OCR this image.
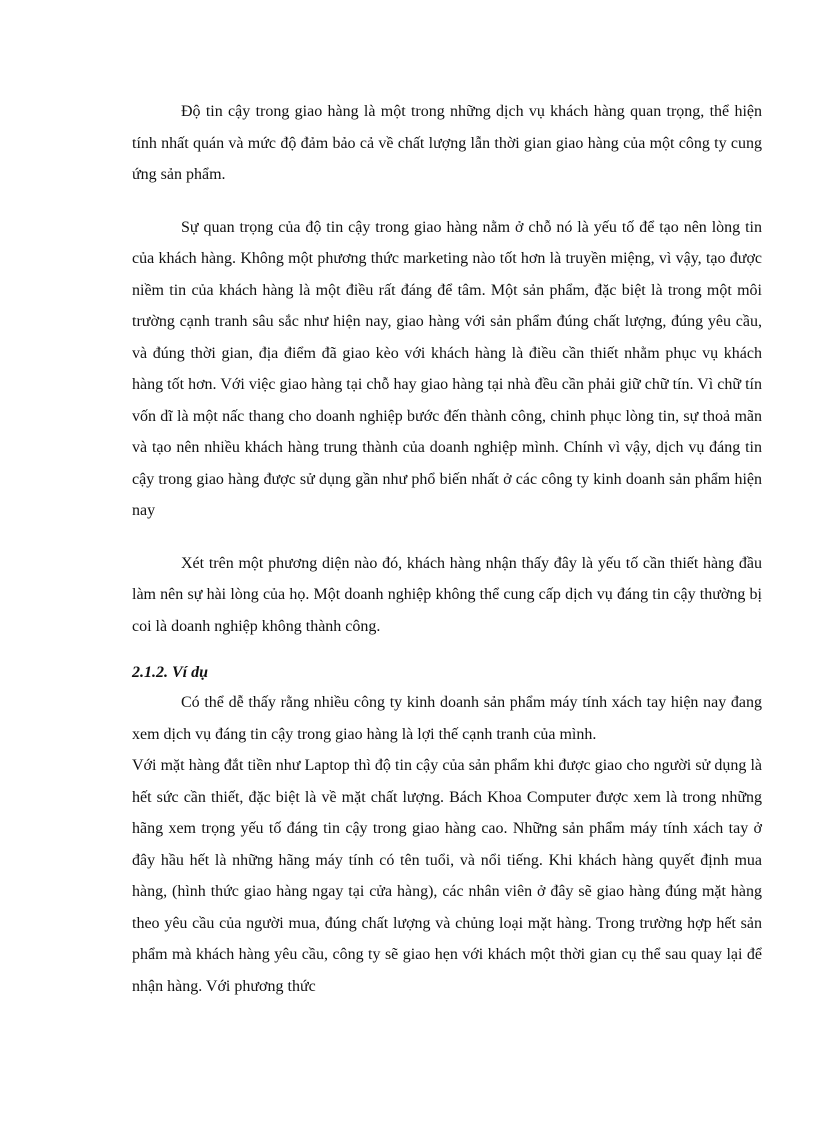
Độ tin cậy trong giao hàng là một trong những dịch vụ khách hàng quan trọng, thể hiện tính nhất quán và mức độ đảm bảo cả về chất lượng lẫn thời gian giao hàng của một công ty cung ứng sản phẩm.

Sự quan trọng của độ tin cậy trong giao hàng nằm ở chỗ nó là yếu tố để tạo nên lòng tin của khách hàng. Không một phương thức marketing nào tốt hơn là truyền miệng, vì vậy, tạo được niềm tin của khách hàng là một điều rất đáng để tâm. Một sản phẩm, đặc biệt là trong một môi trường cạnh tranh sâu sắc như hiện nay, giao hàng với sản phẩm đúng chất lượng, đúng yêu cầu, và đúng thời gian, địa điểm đã giao kèo với khách hàng là điều cần thiết nhằm phục vụ khách hàng tốt hơn. Với việc giao hàng tại chỗ hay giao hàng tại nhà đều cần phải giữ chữ tín. Vì chữ tín vốn dĩ là một nấc thang cho doanh nghiệp bước đến thành công, chinh phục lòng tin, sự thoả mãn và tạo nên nhiều khách hàng trung thành của doanh nghiệp mình. Chính vì vậy, dịch vụ đáng tin cậy trong giao hàng được sử dụng gần như phổ biến nhất ở các công ty kinh doanh sản phẩm hiện nay

Xét trên một phương diện nào đó, khách hàng nhận thấy đây là yếu tố cần thiết hàng đầu làm nên sự hài lòng của họ. Một doanh nghiệp không thể cung cấp dịch vụ đáng tin cậy thường bị coi là doanh nghiệp không thành công.

2.1.2. Ví dụ

Có thể dễ thấy rằng nhiều công ty kinh doanh sản phẩm máy tính xách tay hiện nay đang xem dịch vụ đáng tin cậy trong giao hàng là lợi thế cạnh tranh của mình.

Với mặt hàng đắt tiền như Laptop thì độ tin cậy của sản phẩm khi được giao cho người sử dụng là hết sức cần thiết, đặc biệt là về mặt chất lượng. Bách Khoa Computer được xem là trong những hãng xem trọng yếu tố đáng tin cậy trong giao hàng cao. Những sản phẩm máy tính xách tay ở đây hầu hết là những hãng máy tính có tên tuổi, và nổi tiếng. Khi khách hàng quyết định mua hàng, (hình thức giao hàng ngay tại cửa hàng), các nhân viên ở đây sẽ giao hàng đúng mặt hàng theo yêu cầu của người mua, đúng chất lượng và chủng loại mặt hàng. Trong trường hợp hết sản phẩm mà khách hàng yêu cầu, công ty sẽ giao hẹn với khách một thời gian cụ thể sau quay lại để nhận hàng. Với phương thức
